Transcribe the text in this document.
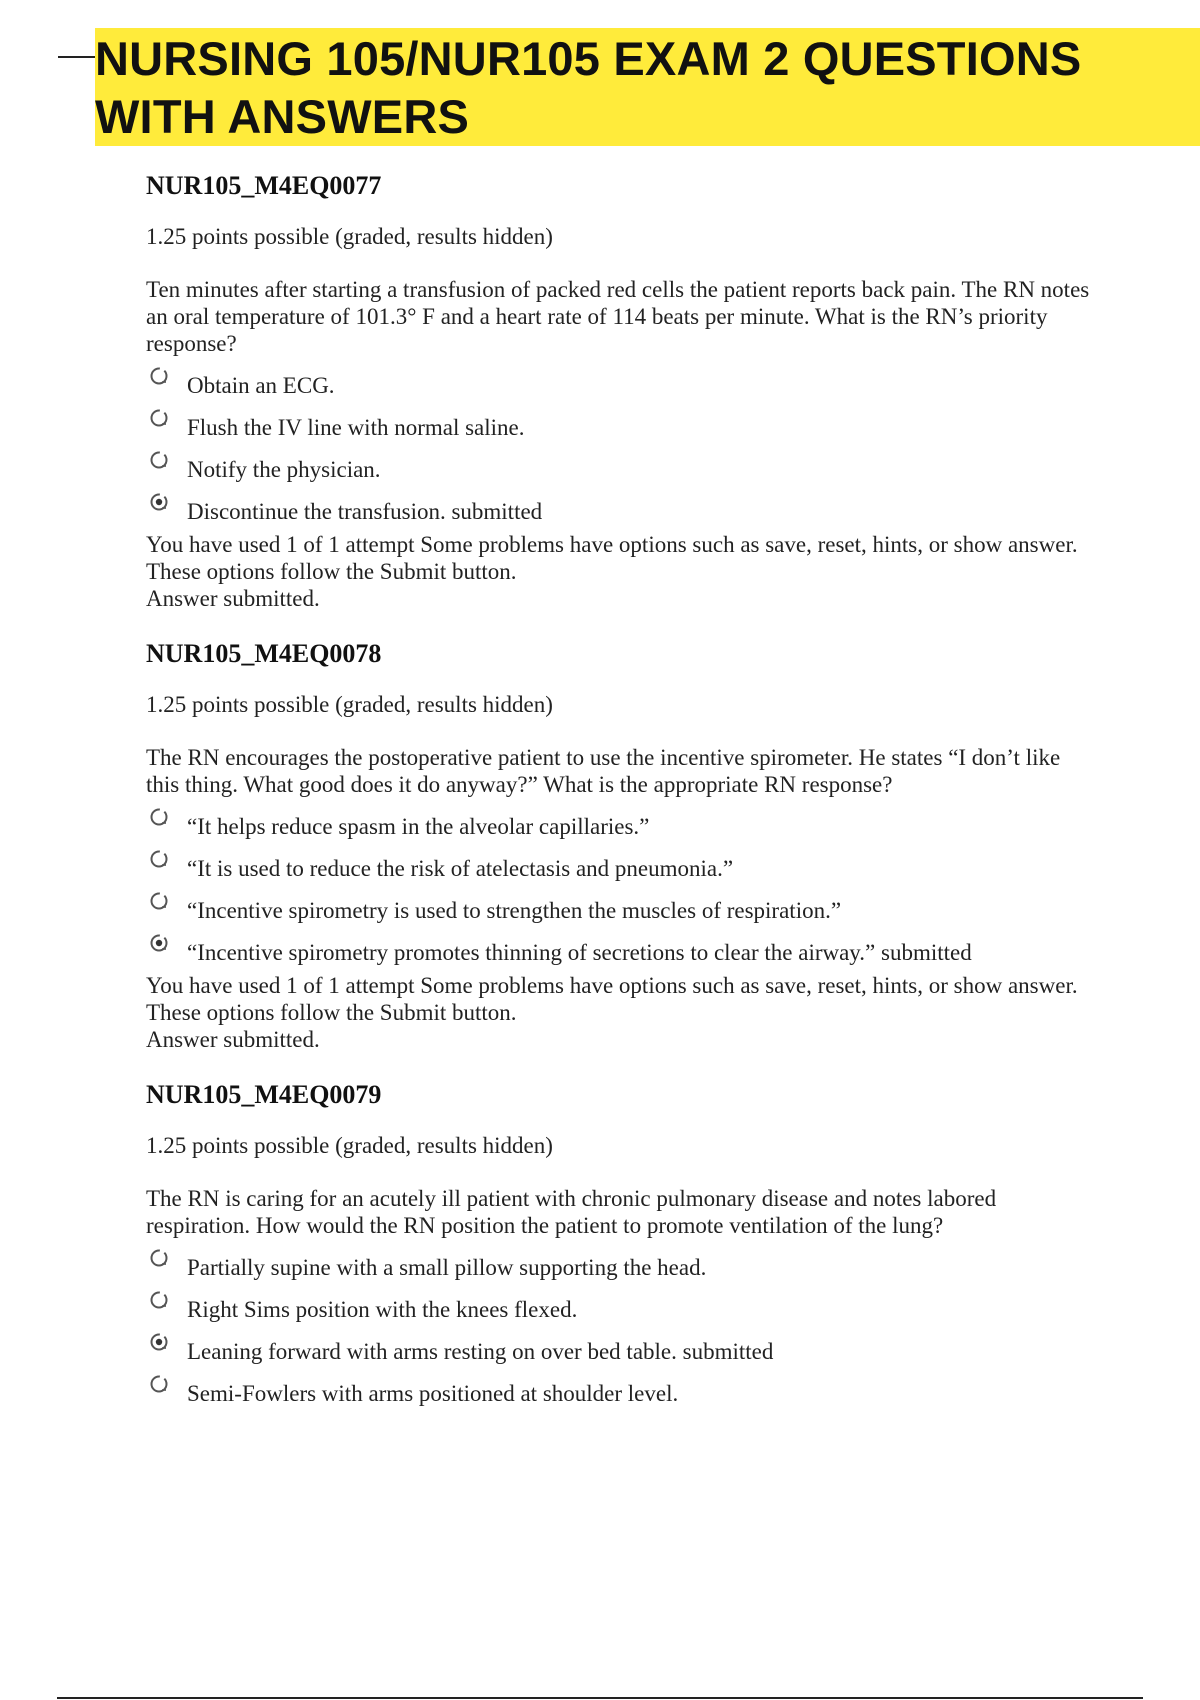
NURSING 105/NUR105 EXAM 2 QUESTIONS WITH ANSWERS
NUR105_M4EQ0077
1.25 points possible (graded, results hidden)
Ten minutes after starting a transfusion of packed red cells the patient reports back pain. The RN notes an oral temperature of 101.3° F and a heart rate of 114 beats per minute. What is the RN’s priority response?
Obtain an ECG.
Flush the IV line with normal saline.
Notify the physician.
Discontinue the transfusion. submitted
You have used 1 of 1 attempt Some problems have options such as save, reset, hints, or show answer. These options follow the Submit button.
Answer submitted.
NUR105_M4EQ0078
1.25 points possible (graded, results hidden)
The RN encourages the postoperative patient to use the incentive spirometer. He states “I don’t like this thing. What good does it do anyway?” What is the appropriate RN response?
“It helps reduce spasm in the alveolar capillaries.”
“It is used to reduce the risk of atelectasis and pneumonia.”
“Incentive spirometry is used to strengthen the muscles of respiration.”
“Incentive spirometry promotes thinning of secretions to clear the airway.” submitted
You have used 1 of 1 attempt Some problems have options such as save, reset, hints, or show answer. These options follow the Submit button.
Answer submitted.
NUR105_M4EQ0079
1.25 points possible (graded, results hidden)
The RN is caring for an acutely ill patient with chronic pulmonary disease and notes labored respiration. How would the RN position the patient to promote ventilation of the lung?
Partially supine with a small pillow supporting the head.
Right Sims position with the knees flexed.
Leaning forward with arms resting on over bed table. submitted
Semi-Fowlers with arms positioned at shoulder level.
